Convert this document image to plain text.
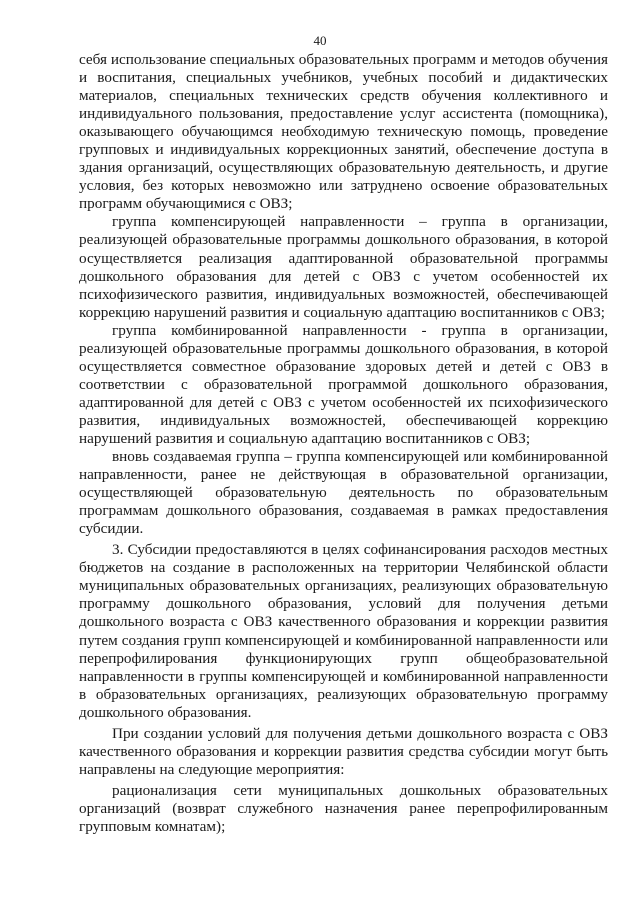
40

себя использование специальных образовательных программ и методов обучения и воспитания, специальных учебников, учебных пособий и дидактических материалов, специальных технических средств обучения коллективного и индивидуального пользования, предоставление услуг ассистента (помощника), оказывающего обучающимся необходимую техническую помощь, проведение групповых и индивидуальных коррекционных занятий, обеспечение доступа в здания организаций, осуществляющих образовательную деятельность, и другие условия, без которых невозможно или затруднено освоение образовательных программ обучающимися с ОВЗ;

группа компенсирующей направленности – группа в организации, реализующей образовательные программы дошкольного образования, в которой осуществляется реализация адаптированной образовательной программы дошкольного образования для детей с ОВЗ с учетом особенностей их психофизического развития, индивидуальных возможностей, обеспечивающей коррекцию нарушений развития и социальную адаптацию воспитанников с ОВЗ;

группа комбинированной направленности - группа в организации, реализующей образовательные программы дошкольного образования, в которой осуществляется совместное образование здоровых детей и детей с ОВЗ в соответствии с образовательной программой дошкольного образования, адаптированной для детей с ОВЗ с учетом особенностей их психофизического развития, индивидуальных возможностей, обеспечивающей коррекцию нарушений развития и социальную адаптацию воспитанников с ОВЗ;

вновь создаваемая группа – группа компенсирующей или комбинированной направленности, ранее не действующая в образовательной организации, осуществляющей образовательную деятельность по образовательным программам дошкольного образования, создаваемая в рамках предоставления субсидии.

3. Субсидии предоставляются в целях софинансирования расходов местных бюджетов на создание в расположенных на территории Челябинской области муниципальных образовательных организациях, реализующих образовательную программу дошкольного образования, условий для получения детьми дошкольного возраста с ОВЗ качественного образования и коррекции развития путем создания групп компенсирующей и комбинированной направленности или перепрофилирования функционирующих групп общеобразовательной направленности в группы компенсирующей и комбинированной направленности в образовательных организациях, реализующих образовательную программу дошкольного образования.

При создании условий для получения детьми дошкольного возраста с ОВЗ качественного образования и коррекции развития средства субсидии могут быть направлены на следующие мероприятия:

рационализация сети муниципальных дошкольных образовательных организаций (возврат служебного назначения ранее перепрофилированным групповым комнатам);
